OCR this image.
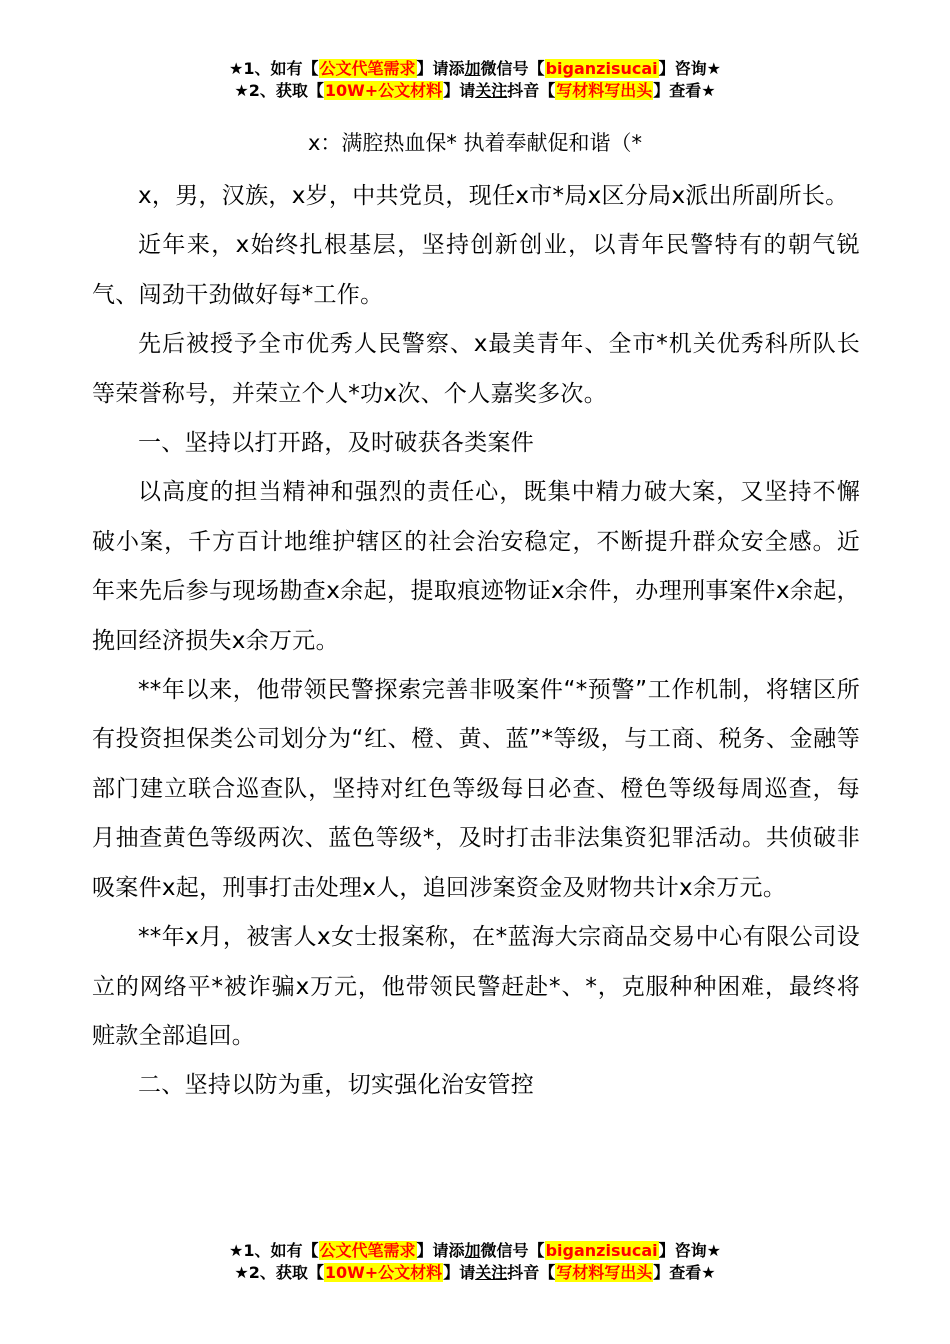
★1、如有【公文代笔需求】请添加微信号【biganzisucai】咨询★
★2、获取【10W+公文材料】请关注抖音【写材料写出头】查看★
x：满腔热血保* 执着奉献促和谐（*

x，男，汉族，x岁，中共党员，现任x市*局x区分局x派出所副所长。

近年来，x始终扎根基层，坚持创新创业，以青年民警特有的朝气锐气、闯劲干劲做好每*工作。

先后被授予全市优秀人民警察、x最美青年、全市*机关优秀科所队长等荣誉称号，并荣立个人*功x次、个人嘉奖多次。

一、坚持以打开路，及时破获各类案件

以高度的担当精神和强烈的责任心，既集中精力破大案，又坚持不懈破小案，千方百计地维护辖区的社会治安稳定，不断提升群众安全感。近年来先后参与现场勘查x余起，提取痕迹物证x余件，办理刑事案件x余起，挽回经济损失x余万元。

**年以来，他带领民警探索完善非吸案件“*预警”工作机制，将辖区所有投资担保类公司划分为“红、橙、黄、蓝”*等级，与工商、税务、金融等部门建立联合巡查队，坚持对红色等级每日必查、橙色等级每周巡查，每月抽查黄色等级两次、蓝色等级*，及时打击非法集资犯罪活动。共侦破非吸案件x起，刑事打击处理x人，追回涉案资金及财物共计x余万元。

**年x月，被害人x女士报案称，在*蓝海大宗商品交易中心有限公司设立的网络平*被诈骗x万元，他带领民警赶赴*、*，克服种种困难，最终将赃款全部追回。

二、坚持以防为重，切实强化治安管控

★1、如有【公文代笔需求】请添加微信号【biganzisucai】咨询★
★2、获取【10W+公文材料】请关注抖音【写材料写出头】查看★
